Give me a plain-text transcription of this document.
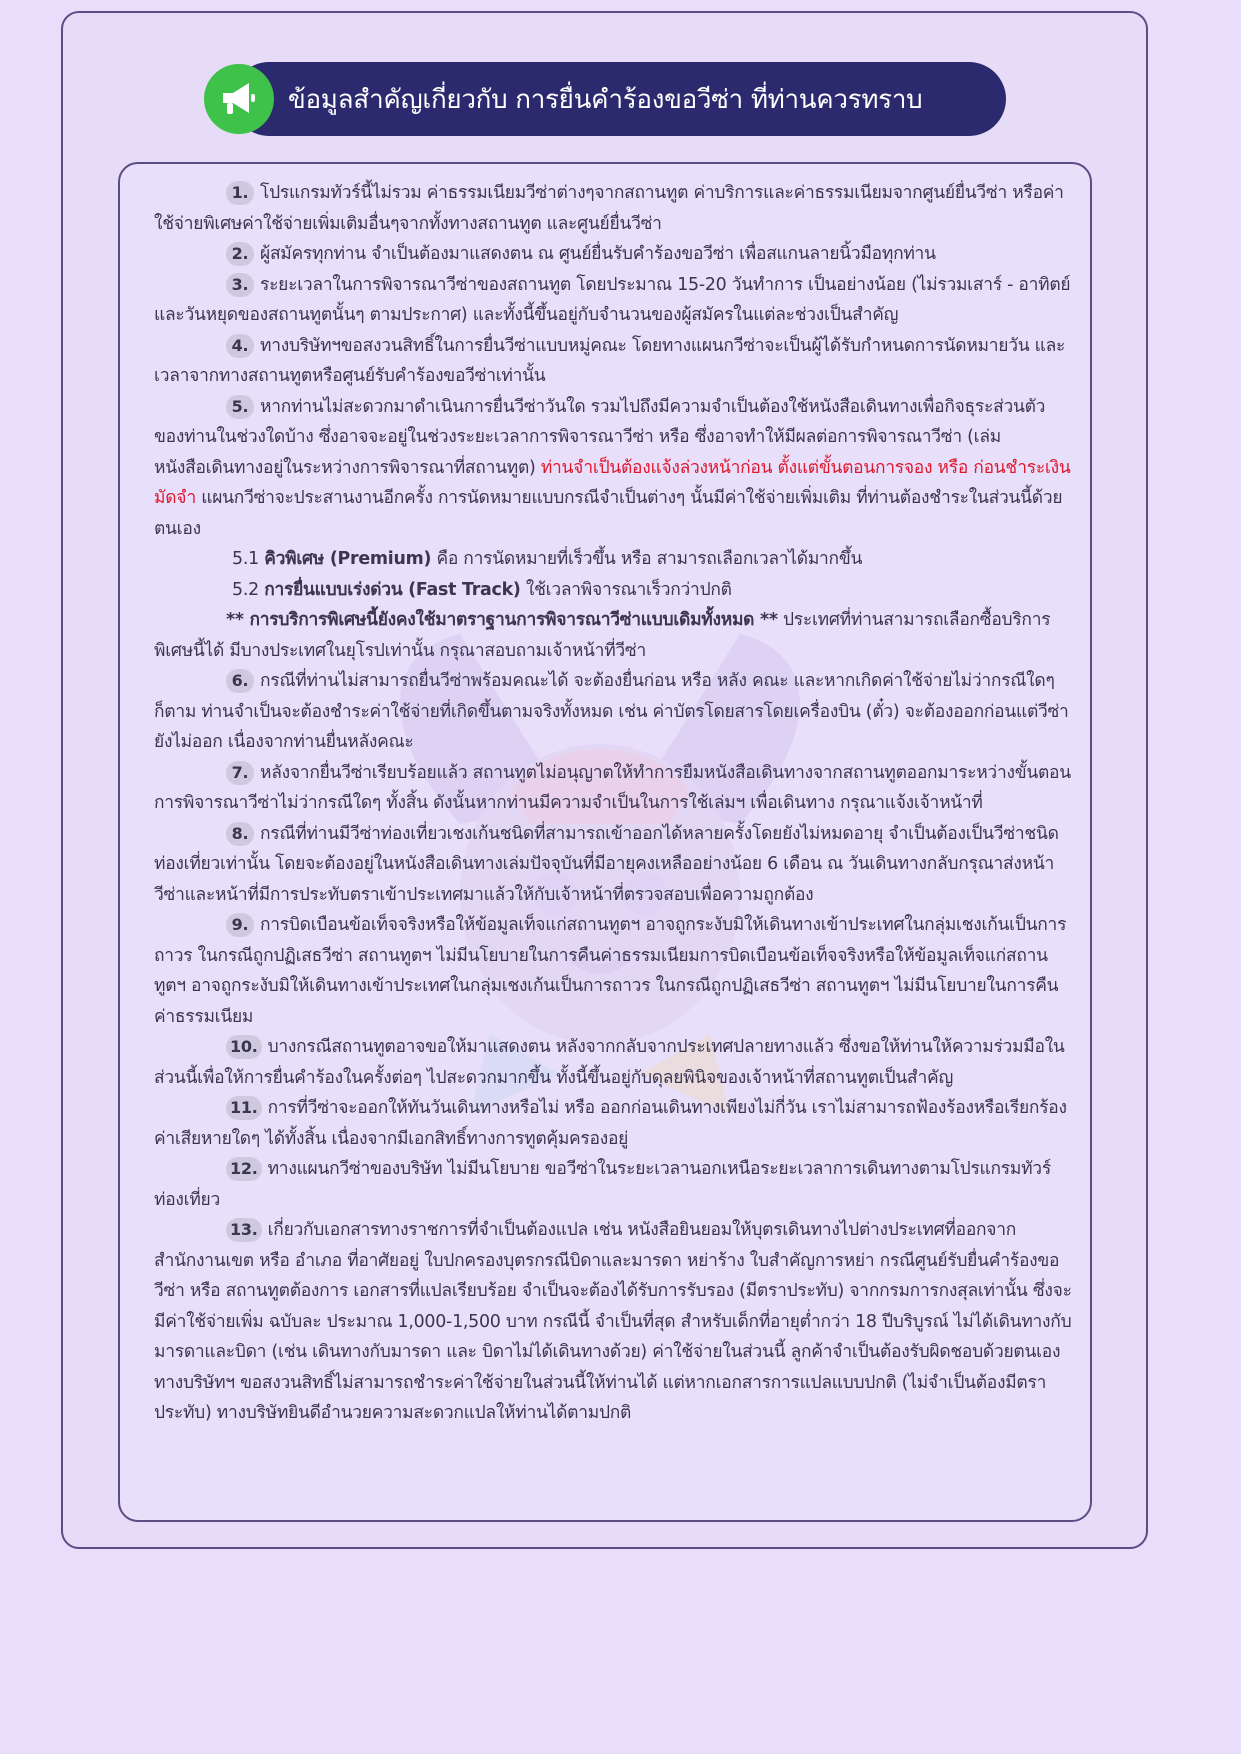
ข้อมูลสำคัญเกี่ยวกับ การยื่นคำร้องขอวีซ่า ที่ท่านควรทราบ

1. โปรแกรมทัวร์นี้ไม่รวม ค่าธรรมเนียมวีซ่าต่างๆจากสถานทูต ค่าบริการและค่าธรรมเนียมจากศูนย์ยื่นวีซ่า หรือค่าใช้จ่ายพิเศษค่าใช้จ่ายเพิ่มเติมอื่นๆจากทั้งทางสถานทูต และศูนย์ยื่นวีซ่า

2. ผู้สมัครทุกท่าน จำเป็นต้องมาแสดงตน ณ ศูนย์ยื่นรับคำร้องขอวีซ่า เพื่อสแกนลายนิ้วมือทุกท่าน

3. ระยะเวลาในการพิจารณาวีซ่าของสถานทูต โดยประมาณ 15-20 วันทำการ เป็นอย่างน้อย (ไม่รวมเสาร์ - อาทิตย์ และวันหยุดของสถานทูตนั้นๆ ตามประกาศ) และทั้งนี้ขึ้นอยู่กับจำนวนของผู้สมัครในแต่ละช่วงเป็นสำคัญ

4. ทางบริษัทฯขอสงวนสิทธิ์ในการยื่นวีซ่าแบบหมู่คณะ โดยทางแผนกวีซ่าจะเป็นผู้ได้รับกำหนดการนัดหมายวัน และเวลาจากทางสถานทูตหรือศูนย์รับคำร้องขอวีซ่าเท่านั้น

5. หากท่านไม่สะดวกมาดำเนินการยื่นวีซ่าวันใด รวมไปถึงมีความจำเป็นต้องใช้หนังสือเดินทางเพื่อกิจธุระส่วนตัวของท่านในช่วงใดบ้าง ซึ่งอาจจะอยู่ในช่วงระยะเวลาการพิจารณาวีซ่า หรือ ซึ่งอาจทำให้มีผลต่อการพิจารณาวีซ่า (เล่มหนังสือเดินทางอยู่ในระหว่างการพิจารณาที่สถานทูต) ท่านจำเป็นต้องแจ้งล่วงหน้าก่อน ตั้งแต่ขั้นตอนการจอง หรือ ก่อนชำระเงินมัดจำ แผนกวีซ่าจะประสานงานอีกครั้ง การนัดหมายแบบกรณีจำเป็นต่างๆ นั้นมีค่าใช้จ่ายเพิ่มเติม ที่ท่านต้องชำระในส่วนนี้ด้วยตนเอง

5.1 คิวพิเศษ (Premium) คือ การนัดหมายที่เร็วขึ้น หรือ สามารถเลือกเวลาได้มากขึ้น

5.2 การยื่นแบบเร่งด่วน (Fast Track) ใช้เวลาพิจารณาเร็วกว่าปกติ

** การบริการพิเศษนี้ยังคงใช้มาตราฐานการพิจารณาวีซ่าแบบเดิมทั้งหมด ** ประเทศที่ท่านสามารถเลือกซื้อบริการพิเศษนี้ได้ มีบางประเทศในยุโรปเท่านั้น กรุณาสอบถามเจ้าหน้าที่วีซ่า

6. กรณีที่ท่านไม่สามารถยื่นวีซ่าพร้อมคณะได้ จะต้องยื่นก่อน หรือ หลัง คณะ และหากเกิดค่าใช้จ่ายไม่ว่ากรณีใดๆ ก็ตาม ท่านจำเป็นจะต้องชำระค่าใช้จ่ายที่เกิดขึ้นตามจริงทั้งหมด เช่น ค่าบัตรโดยสารโดยเครื่องบิน (ตั๋ว) จะต้องออกก่อนแต่วีซ่ายังไม่ออก เนื่องจากท่านยื่นหลังคณะ

7. หลังจากยื่นวีซ่าเรียบร้อยแล้ว สถานทูตไม่อนุญาตให้ทำการยืมหนังสือเดินทางจากสถานทูตออกมาระหว่างขั้นตอนการพิจารณาวีซ่าไม่ว่ากรณีใดๆ ทั้งสิ้น ดังนั้นหากท่านมีความจำเป็นในการใช้เล่มฯ เพื่อเดินทาง กรุณาแจ้งเจ้าหน้าที่

8. กรณีที่ท่านมีวีซ่าท่องเที่ยวเชงเก้นชนิดที่สามารถเข้าออกได้หลายครั้งโดยยังไม่หมดอายุ จำเป็นต้องเป็นวีซ่าชนิดท่องเที่ยวเท่านั้น โดยจะต้องอยู่ในหนังสือเดินทางเล่มปัจจุบันที่มีอายุคงเหลืออย่างน้อย 6 เดือน ณ วันเดินทางกลับกรุณาส่งหน้าวีซ่าและหน้าที่มีการประทับตราเข้าประเทศมาแล้วให้กับเจ้าหน้าที่ตรวจสอบเพื่อความถูกต้อง

9. การบิดเบือนข้อเท็จจริงหรือให้ข้อมูลเท็จแก่สถานทูตฯ อาจถูกระงับมิให้เดินทางเข้าประเทศในกลุ่มเชงเก้นเป็นการถาวร ในกรณีถูกปฏิเสธวีซ่า สถานทูตฯ ไม่มีนโยบายในการคืนค่าธรรมเนียมการบิดเบือนข้อเท็จจริงหรือให้ข้อมูลเท็จแก่สถานทูตฯ อาจถูกระงับมิให้เดินทางเข้าประเทศในกลุ่มเชงเก้นเป็นการถาวร ในกรณีถูกปฏิเสธวีซ่า สถานทูตฯ ไม่มีนโยบายในการคืนค่าธรรมเนียม

10. บางกรณีสถานทูตอาจขอให้มาแสดงตน หลังจากกลับจากประเทศปลายทางแล้ว ซึ่งขอให้ท่านให้ความร่วมมือในส่วนนี้เพื่อให้การยื่นคำร้องในครั้งต่อๆ ไปสะดวกมากขึ้น ทั้งนี้ขึ้นอยู่กับดุลยพินิจของเจ้าหน้าที่สถานทูตเป็นสำคัญ

11. การที่วีซ่าจะออกให้ทันวันเดินทางหรือไม่ หรือ ออกก่อนเดินทางเพียงไม่กี่วัน เราไม่สามารถฟ้องร้องหรือเรียกร้องค่าเสียหายใดๆ ได้ทั้งสิ้น เนื่องจากมีเอกสิทธิ์ทางการทูตคุ้มครองอยู่

12. ทางแผนกวีซ่าของบริษัท ไม่มีนโยบาย ขอวีซ่าในระยะเวลานอกเหนือระยะเวลาการเดินทางตามโปรแกรมทัวร์ ท่องเที่ยว

13. เกี่ยวกับเอกสารทางราชการที่จำเป็นต้องแปล เช่น หนังสือยินยอมให้บุตรเดินทางไปต่างประเทศที่ออกจากสำนักงานเขต หรือ อำเภอ ที่อาศัยอยู่ ใบปกครองบุตรกรณีบิดาและมารดา หย่าร้าง ใบสำคัญการหย่า กรณีศูนย์รับยื่นคำร้องขอวีซ่า หรือ สถานทูตต้องการ เอกสารที่แปลเรียบร้อย จำเป็นจะต้องได้รับการรับรอง (มีตราประทับ) จากกรมการกงสุลเท่านั้น ซึ่งจะมีค่าใช้จ่ายเพิ่ม ฉบับละ ประมาณ 1,000-1,500 บาท กรณีนี้ จำเป็นที่สุด สำหรับเด็กที่อายุต่ำกว่า 18 ปีบริบูรณ์ ไม่ได้เดินทางกับ มารดาและบิดา (เช่น เดินทางกับมารดา และ บิดาไม่ได้เดินทางด้วย) ค่าใช้จ่ายในส่วนนี้ ลูกค้าจำเป็นต้องรับผิดชอบด้วยตนเอง ทางบริษัทฯ ขอสงวนสิทธิ์ไม่สามารถชำระค่าใช้จ่ายในส่วนนี้ให้ท่านได้ แต่หากเอกสารการแปลแบบปกติ (ไม่จำเป็นต้องมีตราประทับ) ทางบริษัทยินดีอำนวยความสะดวกแปลให้ท่านได้ตามปกติ
